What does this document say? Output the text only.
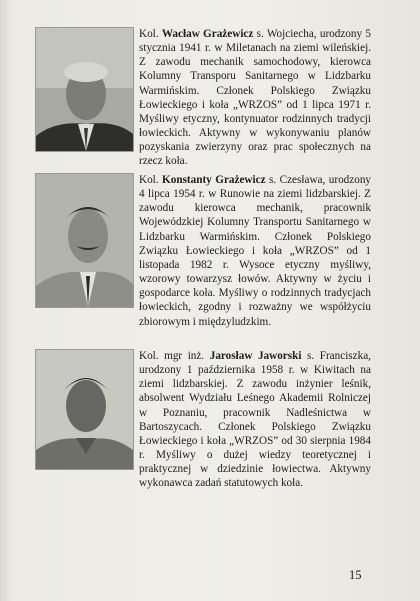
Kol. Wacław Grażewicz s. Wojciecha, urodzony 5 stycznia 1941 r. w Miletanach na ziemi wileńskiej. Z zawodu mechanik samochodowy, kierowca Kolumny Transporu Sanitarnego w Lidzbarku Warmińskim. Członek Polskiego Związku Łowieckiego i koła „WRZOS” od 1 lipca 1971 r. Myśliwy etyczny, kontynuator rodzinnych tradycji łowieckich. Aktywny w wykonywaniu planów pozyskania zwierzyny oraz prac społecznych na rzecz koła.
Kol. Konstanty Grażewicz s. Czesława, urodzony 4 lipca 1954 r. w Runowie na ziemi lidzbarskiej. Z zawodu kierowca mechanik, pracownik Wojewódzkiej Kolumny Transportu Sanitarnego w Lidzbarku Warmińskim. Członek Polskiego Związku Łowieckiego i koła „WRZOS” od 1 listopada 1982 r. Wysoce etyczny myśliwy, wzorowy towarzysz łowów. Aktywny w życiu i gospodarce koła. Myśliwy o rodzinnych tradycjach łowieckich, zgodny i rozważny we współżyciu zbiorowym i międzyludzkim.
Kol. mgr inż. Jarosław Jaworski s. Franciszka, urodzony 1 października 1958 r. w Kiwitach na ziemi lidzbarskiej. Z zawodu inżynier leśnik, absolwent Wydziału Leśnego Akademii Rolniczej w Poznaniu, pracownik Nadleśnictwa w Bartoszycach. Członek Polskiego Związku Łowieckiego i koła „WRZOS” od 30 sierpnia 1984 r. Myśliwy o dużej wiedzy teoretycznej i praktycznej w dziedzinie łowiectwa. Aktywny wykonawca zadań statutowych koła.
15
